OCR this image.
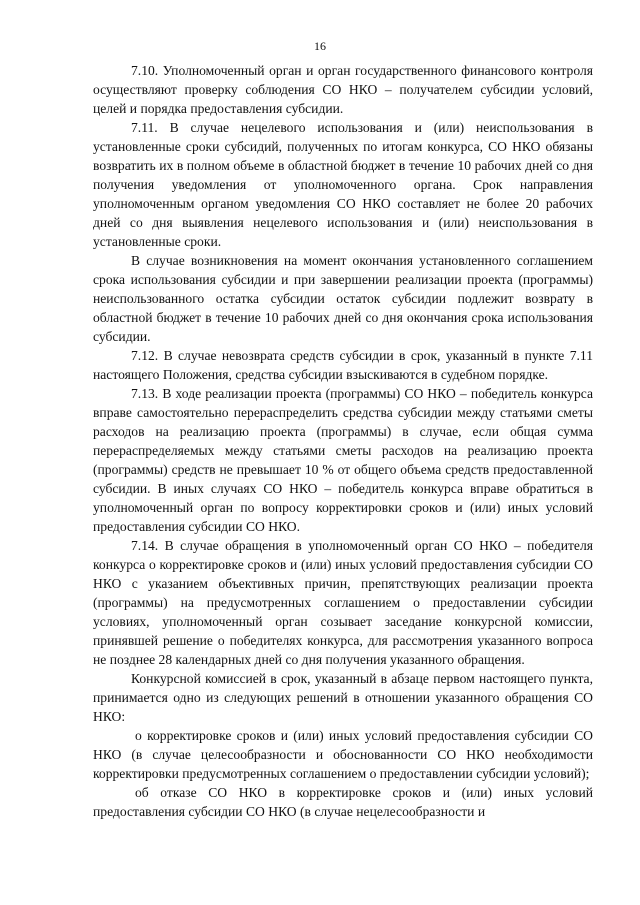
16

7.10. Уполномоченный орган и орган государственного финансового контроля осуществляют проверку соблюдения СО НКО – получателем субсидии условий, целей и порядка предоставления субсидии.

7.11. В случае нецелевого использования и (или) неиспользования в установленные сроки субсидий, полученных по итогам конкурса, СО НКО обязаны возвратить их в полном объеме в областной бюджет в течение 10 рабочих дней со дня получения уведомления от уполномоченного органа. Срок направления уполномоченным органом уведомления СО НКО составляет не более 20 рабочих дней со дня выявления нецелевого использования и (или) неиспользования в установленные сроки.

В случае возникновения на момент окончания установленного соглашением срока использования субсидии и при завершении реализации проекта (программы) неиспользованного остатка субсидии остаток субсидии подлежит возврату в областной бюджет в течение 10 рабочих дней со дня окончания срока использования субсидии.

7.12. В случае невозврата средств субсидии в срок, указанный в пункте 7.11 настоящего Положения, средства субсидии взыскиваются в судебном порядке.

7.13. В ходе реализации проекта (программы) СО НКО – победитель конкурса вправе самостоятельно перераспределить средства субсидии между статьями сметы расходов на реализацию проекта (программы) в случае, если общая сумма перераспределяемых между статьями сметы расходов на реализацию проекта (программы) средств не превышает 10 % от общего объема средств предоставленной субсидии. В иных случаях СО НКО – победитель конкурса вправе обратиться в уполномоченный орган по вопросу корректировки сроков и (или) иных условий предоставления субсидии СО НКО.

7.14. В случае обращения в уполномоченный орган СО НКО – победителя конкурса о корректировке сроков и (или) иных условий предоставления субсидии СО НКО с указанием объективных причин, препятствующих реализации проекта (программы) на предусмотренных соглашением о предоставлении субсидии условиях, уполномоченный орган созывает заседание конкурсной комиссии, принявшей решение о победителях конкурса, для рассмотрения указанного вопроса не позднее 28 календарных дней со дня получения указанного обращения.

Конкурсной комиссией в срок, указанный в абзаце первом настоящего пункта, принимается одно из следующих решений в отношении указанного обращения СО НКО:

о корректировке сроков и (или) иных условий предоставления субсидии СО НКО (в случае целесообразности и обоснованности СО НКО необходимости корректировки предусмотренных соглашением о предоставлении субсидии условий);

об отказе СО НКО в корректировке сроков и (или) иных условий предоставления субсидии СО НКО (в случае нецелесообразности и
